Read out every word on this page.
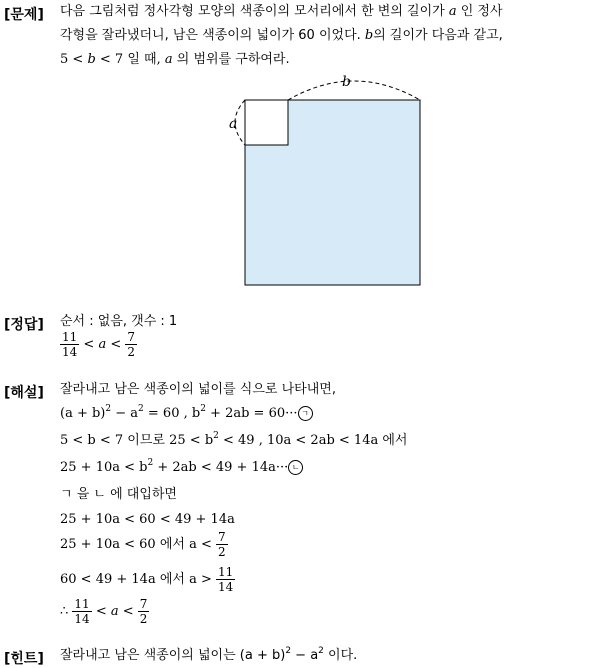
[문제] 다음 그림처럼 정사각형 모양의 색종이의 모서리에서 한 변의 길이가 a 인 정사
각형을 잘라냈더니, 남은 색종이의 넓이가 60 이었다. b의 길이가 다음과 같고,
5 < b < 7 일 때, a 의 범위를 구하여라.
b
a
[정답] 순서 : 없음, 갯수 : 1
$\frac{11}{14} < a < \frac{7}{2}$
[해설] 잘라내고 남은 색종이의 넓이를 식으로 나타내면,
$(a + b)^2 - a^2 = 60$ , $b^2 + 2ab = 60\cdot\cdot\cdot$ ㄱ
5 < b < 7 이므로 $25 < b^2 < 49$ , 10a < 2ab < 14a 에서
$25 + 10a < b^2 + 2ab < 49 + 14a\cdot\cdot\cdot$ ㄴ
ㄱ 을 ㄴ 에 대입하면
25 + 10a < 60 < 49 + 14a
25 + 10a < 60 에서 $a < \frac{7}{2}$
60 < 49 + 14a 에서 $a > \frac{11}{14}$
∴ $\frac{11}{14} < a < \frac{7}{2}$
[힌트] 잘라내고 남은 색종이의 넓이는 $(a + b)^2 - a^2$ 이다.
